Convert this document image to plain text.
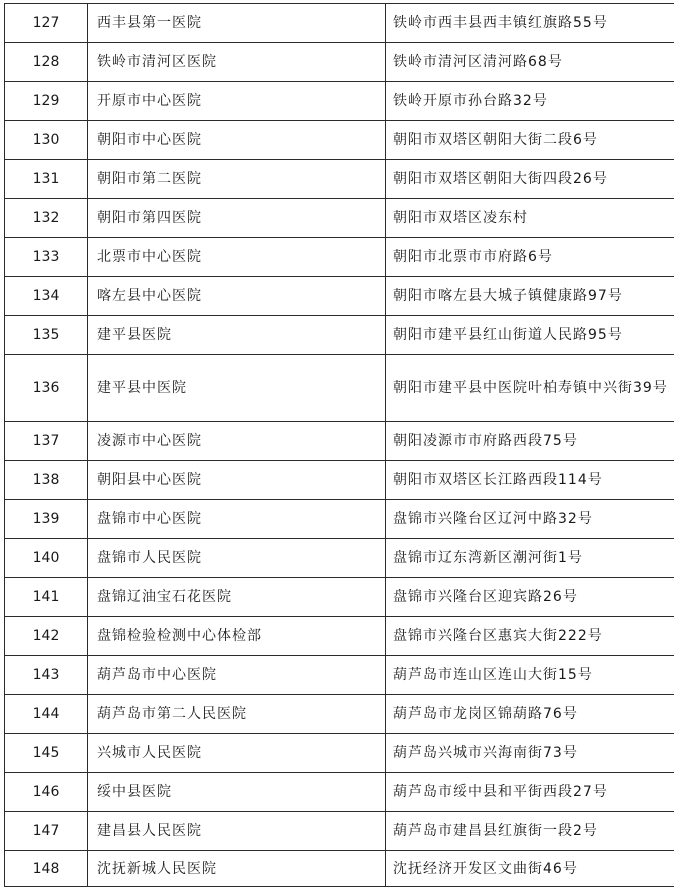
127	西丰县第一医院	铁岭市西丰县西丰镇红旗路55号
128	铁岭市清河区医院	铁岭市清河区清河路68号
129	开原市中心医院	铁岭开原市孙台路32号
130	朝阳市中心医院	朝阳市双塔区朝阳大街二段6号
131	朝阳市第二医院	朝阳市双塔区朝阳大街四段26号
132	朝阳市第四医院	朝阳市双塔区凌东村
133	北票市中心医院	朝阳市北票市市府路6号
134	喀左县中心医院	朝阳市喀左县大城子镇健康路97号
135	建平县医院	朝阳市建平县红山街道人民路95号
136	建平县中医院	朝阳市建平县中医院叶柏寿镇中兴街39号
137	凌源市中心医院	朝阳凌源市市府路西段75号
138	朝阳县中心医院	朝阳市双塔区长江路西段114号
139	盘锦市中心医院	盘锦市兴隆台区辽河中路32号
140	盘锦市人民医院	盘锦市辽东湾新区潮河街1号
141	盘锦辽油宝石花医院	盘锦市兴隆台区迎宾路26号
142	盘锦检验检测中心体检部	盘锦市兴隆台区惠宾大街222号
143	葫芦岛市中心医院	葫芦岛市连山区连山大街15号
144	葫芦岛市第二人民医院	葫芦岛市龙岗区锦葫路76号
145	兴城市人民医院	葫芦岛兴城市兴海南街73号
146	绥中县医院	葫芦岛市绥中县和平街西段27号
147	建昌县人民医院	葫芦岛市建昌县红旗街一段2号
148	沈抚新城人民医院	沈抚经济开发区文曲街46号
